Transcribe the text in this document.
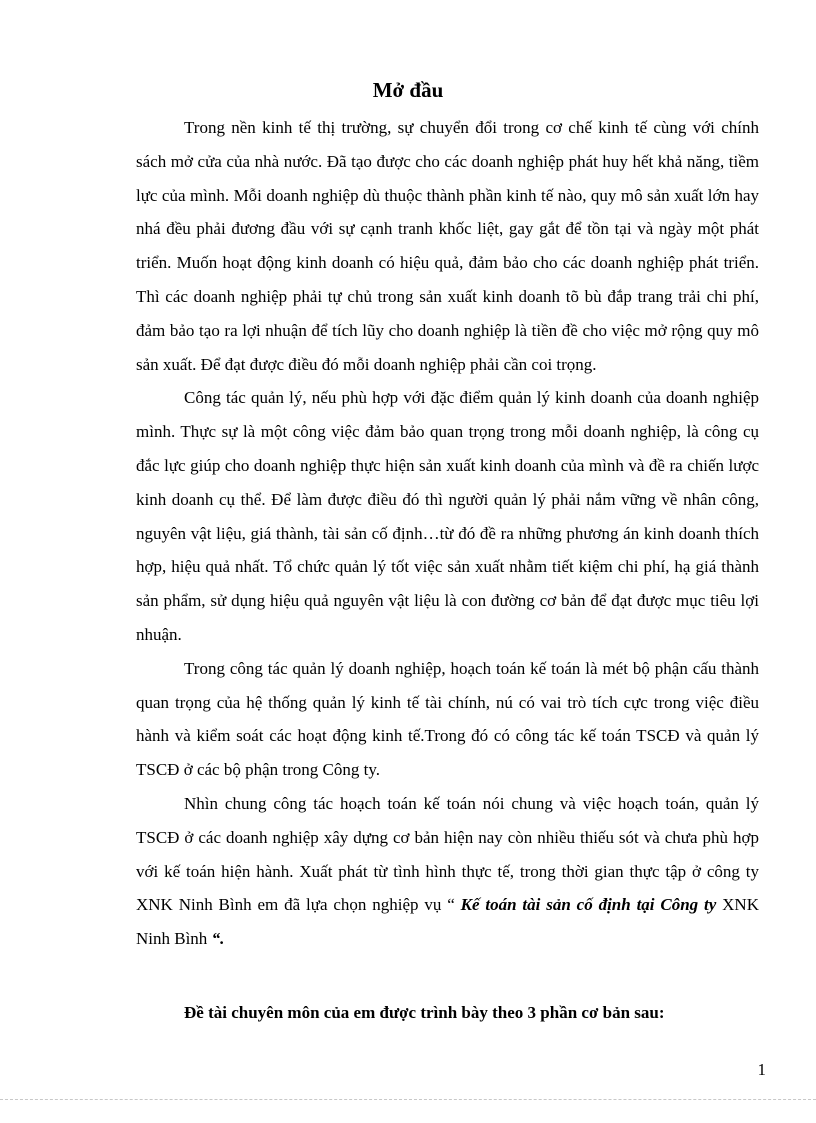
Mở đầu

Trong nền kinh tế thị trường, sự chuyển đổi trong cơ chế kinh tế cùng với chính sách mở cửa của nhà nước. Đã tạo được cho các doanh nghiệp phát huy hết khả năng, tiềm lực của mình. Mỗi doanh nghiệp dù thuộc thành phần kinh tế nào, quy mô sản xuất lớn hay nhá đều phải đương đầu với sự cạnh tranh khốc liệt, gay gắt để tồn tại và ngày một phát triển. Muốn hoạt động kinh doanh có hiệu quả, đảm bảo cho các doanh nghiệp phát triển. Thì các doanh nghiệp phải tự chủ trong sản xuất kinh doanh tõ bù đắp trang trải chi phí, đảm bảo tạo ra lợi nhuận để tích lũy cho doanh nghiệp là tiền đề cho việc mở rộng quy mô sản xuất. Để đạt được điều đó mỗi doanh nghiệp phải cần coi trọng.

Công tác quản lý, nếu phù hợp với đặc điểm quản lý kinh doanh của doanh nghiệp mình. Thực sự là một công việc đảm bảo quan trọng trong mỗi doanh nghiệp, là công cụ đắc lực giúp cho doanh nghiệp thực hiện sản xuất kinh doanh của mình và đề ra chiến lược kinh doanh cụ thể. Để làm được điều đó thì người quản lý phải nắm vững về nhân công, nguyên vật liệu, giá thành, tài sản cố định…từ đó đề ra những phương án kinh doanh thích hợp, hiệu quả nhất. Tổ chức quản lý tốt việc sản xuất nhằm tiết kiệm chi phí, hạ giá thành sản phẩm, sử dụng hiệu quả nguyên vật liệu là con đường cơ bản để đạt được mục tiêu lợi nhuận.

Trong công tác quản lý doanh nghiệp, hoạch toán kế toán là mét bộ phận cấu thành quan trọng của hệ thống quản lý kinh tế tài chính, nú có vai trò tích cực trong việc điều hành và kiểm soát các hoạt động kinh tế.Trong đó có công tác kế toán TSCĐ và quản lý TSCĐ ở các bộ phận trong Công ty.

Nhìn chung công tác hoạch toán kế toán nói chung và việc hoạch toán, quản lý TSCĐ ở các doanh nghiệp xây dựng cơ bản hiện nay còn nhiều thiếu sót và chưa phù hợp với kế toán hiện hành. Xuất phát từ tình hình thực tế, trong thời gian thực tập ở công ty XNK Ninh Bình em đã lựa chọn nghiệp vụ “ Kế toán tài sản cố định tại Công ty XNK Ninh Bình “.

Đề tài chuyên môn của em được trình bày theo 3 phần cơ bản sau:

1
